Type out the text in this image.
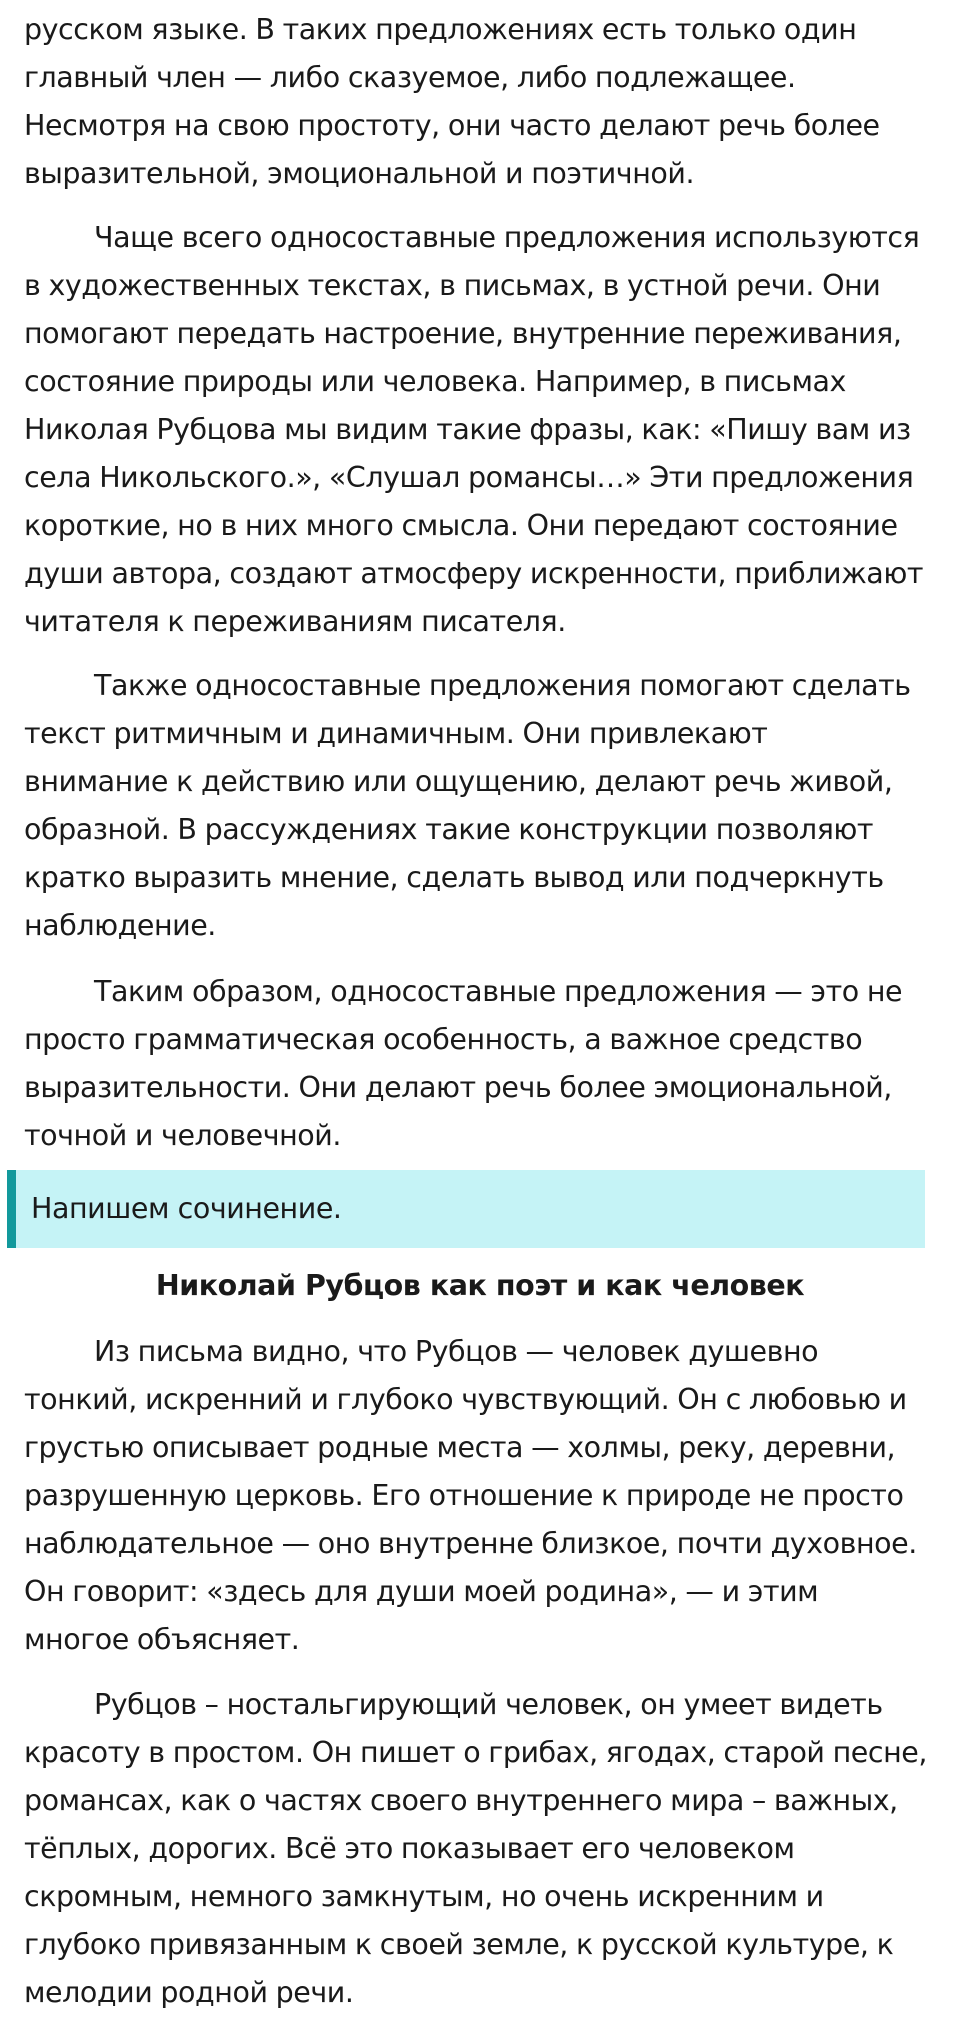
русском языке. В таких предложениях есть только один
главный член — либо сказуемое, либо подлежащее.
Несмотря на свою простоту, они часто делают речь более
выразительной, эмоциональной и поэтичной.

Чаще всего односоставные предложения используются
в художественных текстах, в письмах, в устной речи. Они
помогают передать настроение, внутренние переживания,
состояние природы или человека. Например, в письмах
Николая Рубцова мы видим такие фразы, как: «Пишу вам из
села Никольского.», «Слушал романсы…» Эти предложения
короткие, но в них много смысла. Они передают состояние
души автора, создают атмосферу искренности, приближают
читателя к переживаниям писателя.

Также односоставные предложения помогают сделать
текст ритмичным и динамичным. Они привлекают
внимание к действию или ощущению, делают речь живой,
образной. В рассуждениях такие конструкции позволяют
кратко выразить мнение, сделать вывод или подчеркнуть
наблюдение.

Таким образом, односоставные предложения — это не
просто грамматическая особенность, а важное средство
выразительности. Они делают речь более эмоциональной,
точной и человечной.

Напишем сочинение.
Николай Рубцов как поэт и как человек

Из письма видно, что Рубцов — человек душевно
тонкий, искренний и глубоко чувствующий. Он с любовью и
грустью описывает родные места — холмы, реку, деревни,
разрушенную церковь. Его отношение к природе не просто
наблюдательное — оно внутренне близкое, почти духовное.
Он говорит: «здесь для души моей родина», — и этим
многое объясняет.

Рубцов – ностальгирующий человек, он умеет видеть
красоту в простом. Он пишет о грибах, ягодах, старой песне,
романсах, как о частях своего внутреннего мира – важных,
тёплых, дорогих. Всё это показывает его человеком
скромным, немного замкнутым, но очень искренним и
глубоко привязанным к своей земле, к русской культуре, к
мелодии родной речи.
